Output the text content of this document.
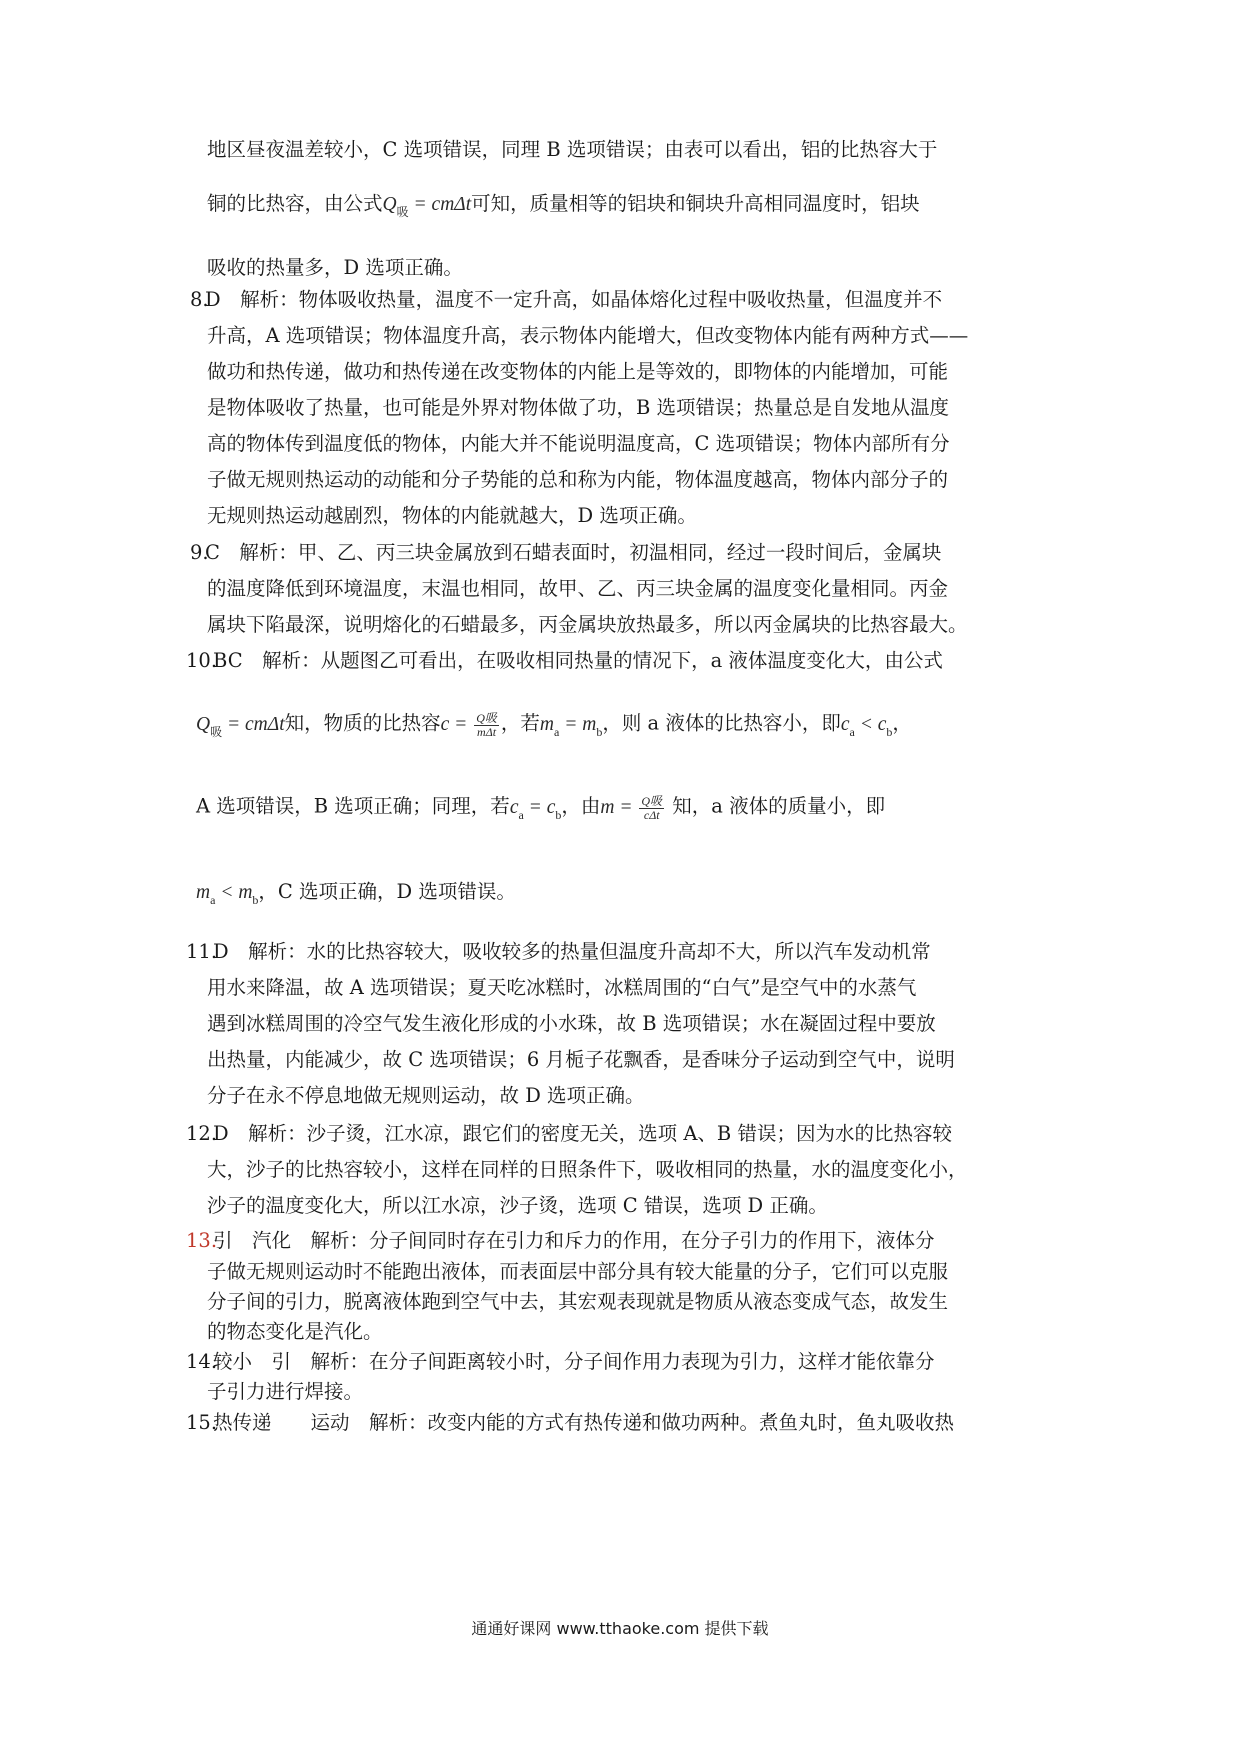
地区昼夜温差较小，C 选项错误，同理 B 选项错误；由表可以看出，铝的比热容大于
铜的比热容，由公式$Q_吸 = cm\Delta t$可知，质量相等的铝块和铜块升高相同温度时，铝块
吸收的热量多，D 选项正确。
8.
D　解析：物体吸收热量，温度不一定升高，如晶体熔化过程中吸收热量，但温度并不
升高，A 选项错误；物体温度升高，表示物体内能增大，但改变物体内能有两种方式——
做功和热传递，做功和热传递在改变物体的内能上是等效的，即物体的内能增加，可能
是物体吸收了热量，也可能是外界对物体做了功，B 选项错误；热量总是自发地从温度
高的物体传到温度低的物体，内能大并不能说明温度高，C 选项错误；物体内部所有分
子做无规则热运动的动能和分子势能的总和称为内能，物体温度越高，物体内部分子的
无规则热运动越剧烈，物体的内能就越大，D 选项正确。
9.
C　解析：甲、乙、丙三块金属放到石蜡表面时，初温相同，经过一段时间后，金属块
的温度降低到环境温度，末温也相同，故甲、乙、丙三块金属的温度变化量相同。丙金
属块下陷最深，说明熔化的石蜡最多，丙金属块放热最多，所以丙金属块的比热容最大。
10.
BC　解析：从题图乙可看出，在吸收相同热量的情况下，a 液体温度变化大，由公式
$Q_吸 = cm\Delta t$知，物质的比热容$c = \frac{\text{Q吸}}{\text{mΔt}}$ ，若$m_a = m_b$，则 a 液体的比热容小，即$c_a < c_b$，
A 选项错误，B 选项正确；同理，若$c_a = c_b$，由$m = \frac{\text{Q吸}}{\text{cΔt}}$ 知，a 液体的质量小，即
$m_a < m_b$，C 选项正确，D 选项错误。
11.
D　解析：水的比热容较大，吸收较多的热量但温度升高却不大，所以汽车发动机常
用水来降温，故 A 选项错误；夏天吃冰糕时，冰糕周围的“白气”是空气中的水蒸气
遇到冰糕周围的冷空气发生液化形成的小水珠，故 B 选项错误；水在凝固过程中要放
出热量，内能减少，故 C 选项错误；6 月栀子花飘香，是香味分子运动到空气中，说明
分子在永不停息地做无规则运动，故 D 选项正确。
12.
D　解析：沙子烫，江水凉，跟它们的密度无关，选项 A、B 错误；因为水的比热容较
大，沙子的比热容较小，这样在同样的日照条件下，吸收相同的热量，水的温度变化小，
沙子的温度变化大，所以江水凉，沙子烫，选项 C 错误，选项 D 正确。
13.
引　汽化　解析：分子间同时存在引力和斥力的作用，在分子引力的作用下，液体分
子做无规则运动时不能跑出液体，而表面层中部分具有较大能量的分子，它们可以克服
分子间的引力，脱离液体跑到空气中去，其宏观表现就是物质从液态变成气态，故发生
的物态变化是汽化。
14.
较小　引　解析：在分子间距离较小时，分子间作用力表现为引力，这样才能依靠分
子引力进行焊接。
15.
热传递　　运动　解析：改变内能的方式有热传递和做功两种。煮鱼丸时，鱼丸吸收热
通通好课网 www.tthaoke.com 提供下载
